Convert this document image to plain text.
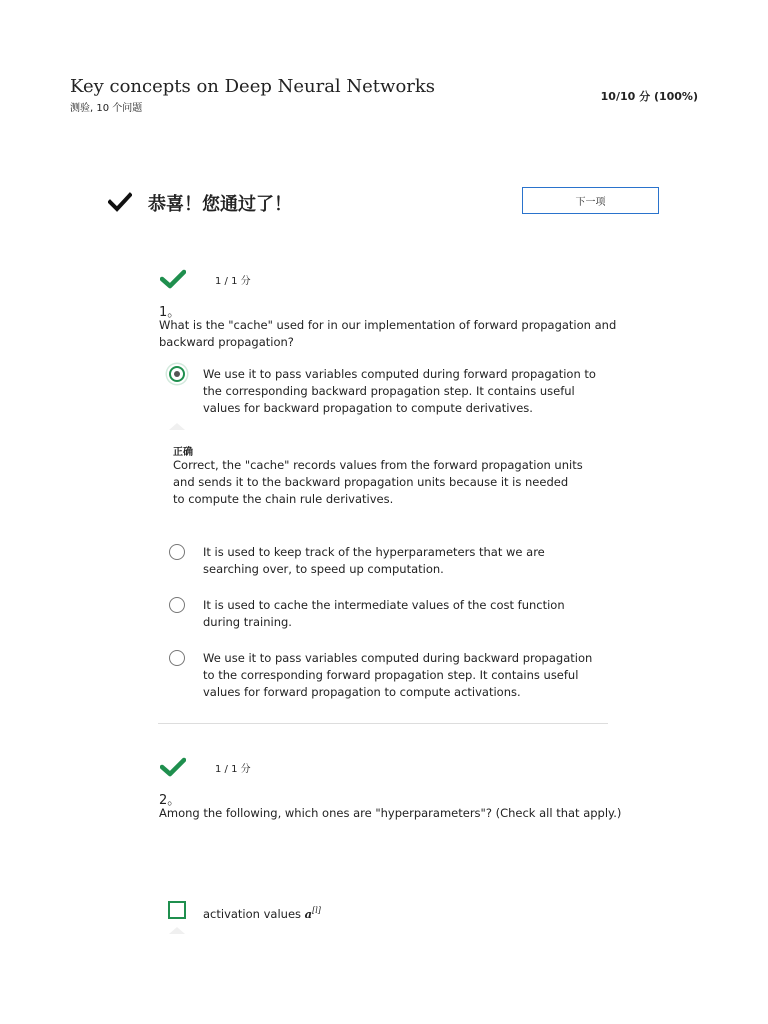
Key concepts on Deep Neural Networks
测验, 10 个问题
10/10 分 (100%)
恭喜！您通过了！	下一项
1 / 1 分
1。
What is the "cache" used for in our implementation of forward propagation and backward propagation?
We use it to pass variables computed during forward propagation to the corresponding backward propagation step. It contains useful values for backward propagation to compute derivatives.
正确
Correct, the "cache" records values from the forward propagation units and sends it to the backward propagation units because it is needed to compute the chain rule derivatives.
It is used to keep track of the hyperparameters that we are searching over, to speed up computation.
It is used to cache the intermediate values of the cost function during training.
We use it to pass variables computed during backward propagation to the corresponding forward propagation step. It contains useful values for forward propagation to compute activations.
1 / 1 分
2。
Among the following, which ones are "hyperparameters"? (Check all that apply.)
activation values a[l]
